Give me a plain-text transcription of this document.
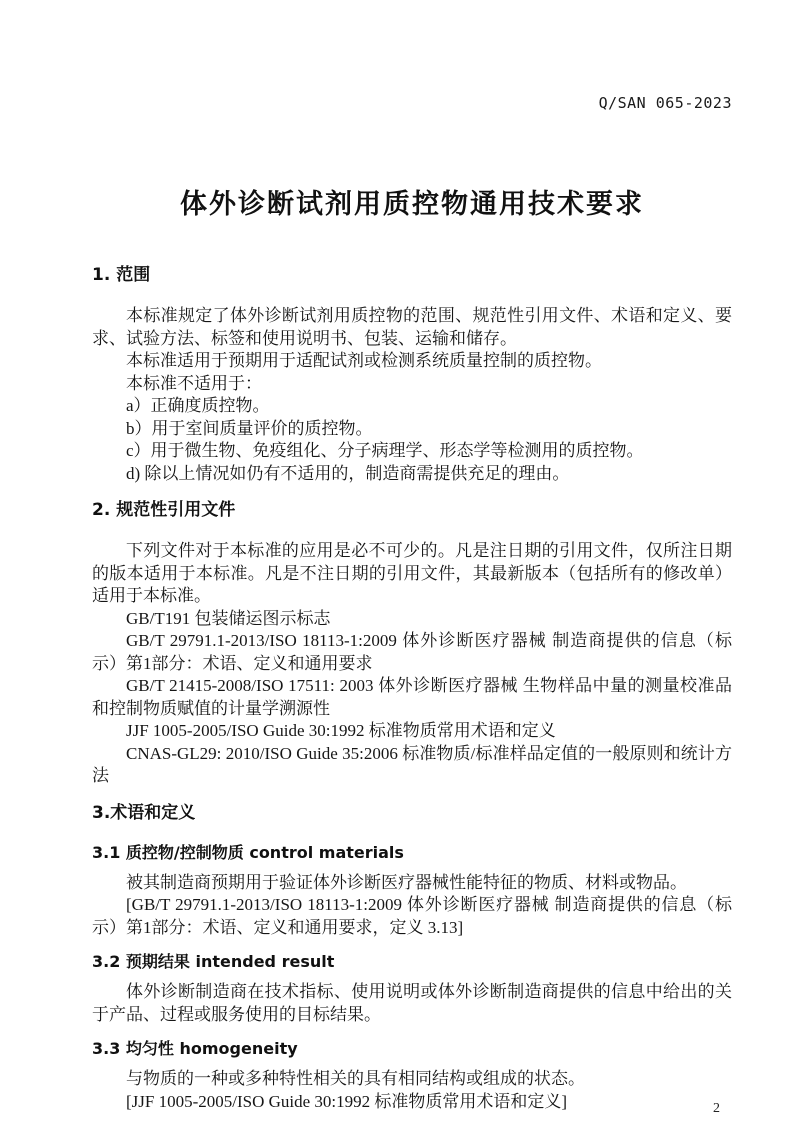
Q/SAN 065-2023
体外诊断试剂用质控物通用技术要求
1. 范围

本标准规定了体外诊断试剂用质控物的范围、规范性引用文件、术语和定义、要求、试验方法、标签和使用说明书、包装、运输和储存。

本标准适用于预期用于适配试剂或检测系统质量控制的质控物。

本标准不适用于：

a）正确度质控物。

b）用于室间质量评价的质控物。

c）用于微生物、免疫组化、分子病理学、形态学等检测用的质控物。

d) 除以上情况如仍有不适用的，制造商需提供充足的理由。

2. 规范性引用文件

下列文件对于本标准的应用是必不可少的。凡是注日期的引用文件，仅所注日期的版本适用于本标准。凡是不注日期的引用文件，其最新版本（包括所有的修改单）适用于本标准。

GB/T191 包装储运图示标志

GB/T 29791.1-2013/ISO 18113-1:2009 体外诊断医疗器械 制造商提供的信息（标示）第1部分：术语、定义和通用要求

GB/T 21415-2008/ISO 17511: 2003 体外诊断医疗器械 生物样品中量的测量校准品和控制物质赋值的计量学溯源性

JJF 1005-2005/ISO Guide 30:1992 标准物质常用术语和定义

CNAS-GL29: 2010/ISO Guide 35:2006 标准物质/标准样品定值的一般原则和统计方法

3.术语和定义
3.1 质控物/控制物质 control materials

被其制造商预期用于验证体外诊断医疗器械性能特征的物质、材料或物品。

[GB/T 29791.1-2013/ISO 18113-1:2009 体外诊断医疗器械 制造商提供的信息（标示）第1部分：术语、定义和通用要求，定义 3.13]

3.2 预期结果 intended result

体外诊断制造商在技术指标、使用说明或体外诊断制造商提供的信息中给出的关于产品、过程或服务使用的目标结果。

3.3 均匀性 homogeneity

与物质的一种或多种特性相关的具有相同结构或组成的状态。

[JJF 1005-2005/ISO Guide 30:1992 标准物质常用术语和定义]	2
